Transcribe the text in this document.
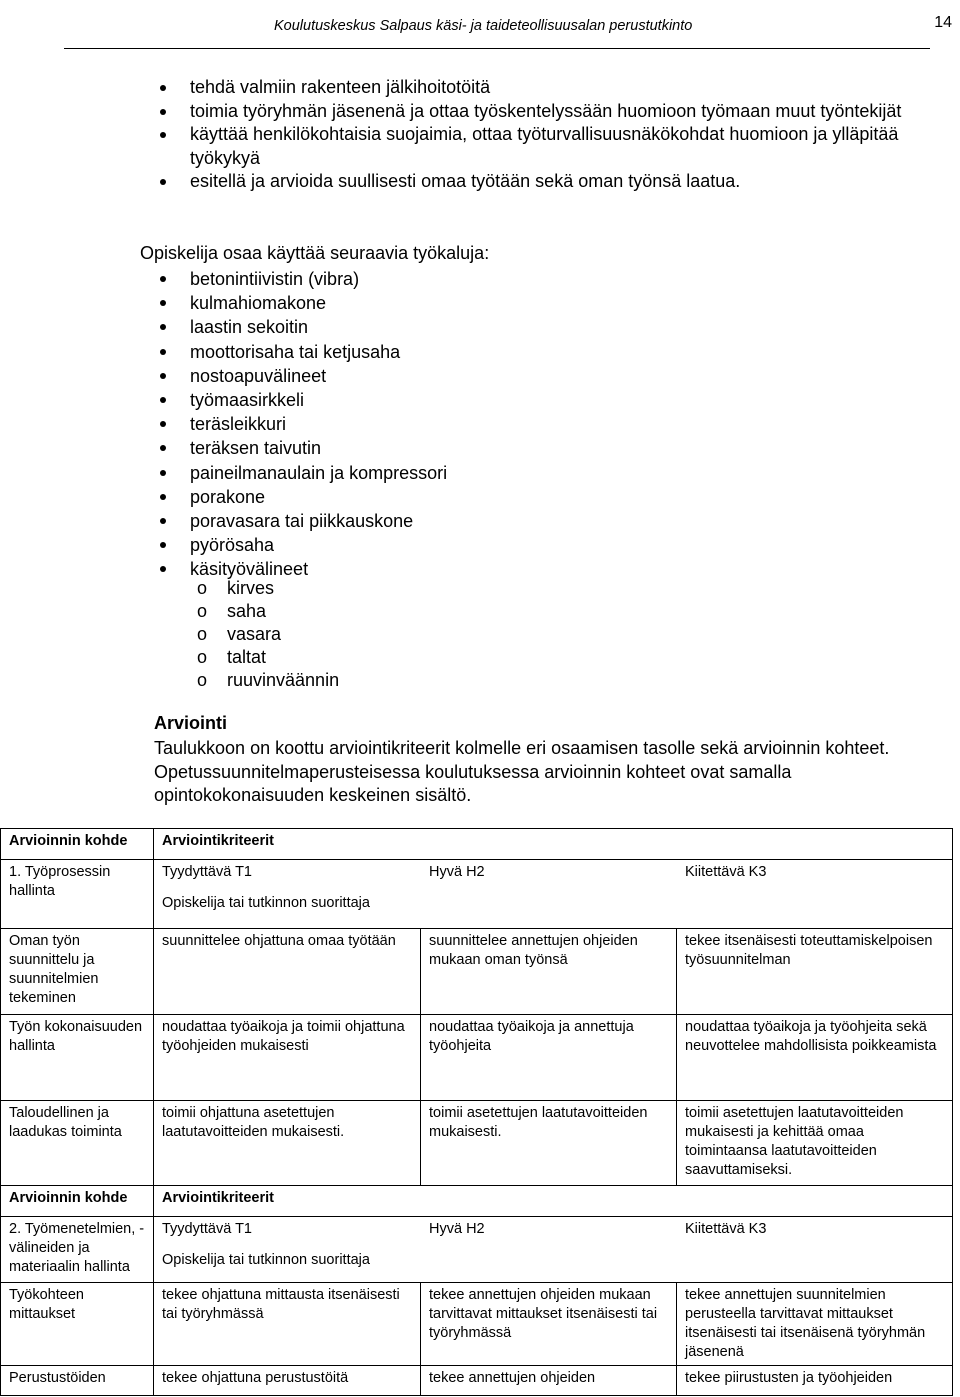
Koulutuskeskus Salpaus käsi- ja taideteollisuusalan perustutkinto	14
tehdä valmiin rakenteen jälkihoitotöitä
toimia työryhmän jäsenenä ja ottaa työskentelyssään huomioon työmaan muut työntekijät
käyttää henkilökohtaisia suojaimia, ottaa työturvallisuusnäkökohdat huomioon ja ylläpitää työkykyä
esitellä ja arvioida suullisesti omaa työtään sekä oman työnsä laatua.
Opiskelija osaa käyttää seuraavia työkaluja:
betonintiivistin (vibra)
kulmahiomakone
laastin sekoitin
moottorisaha tai ketjusaha
nostoapuvälineet
työmaasirkkeli
teräsleikkuri
teräksen taivutin
paineilmanaulain ja kompressori
porakone
poravasara tai piikkauskone
pyörösaha
käsityövälineet
o kirves
o saha
o vasara
o taltat
o ruuvinväännin
Arviointi
Taulukkoon on koottu arviointikriteerit kolmelle eri osaamisen tasolle sekä arvioinnin kohteet. Opetussuunnitelmaperusteisessa koulutuksessa arvioinnin kohteet ovat samalla opintokokonaisuuden keskeinen sisältö.
Arvioinnin kohde	Arviointikriteerit		
1. Työprosessin hallinta	Tyydyttävä T1 Hyvä H2 Kiitettävä K3
Opiskelija tai tutkinnon suorittaja		

Oman työn suunnittelu ja suunnitelmien tekeminen	suunnittelee ohjattuna omaa työtään	suunnittelee annettujen ohjeiden mukaan oman työnsä	tekee itsenäisesti toteuttamiskelpoisen työsuunnitelman
Työn kokonaisuuden hallinta	noudattaa työaikoja ja toimii ohjattuna työohjeiden mukaisesti	noudattaa työaikoja ja annettuja työohjeita	noudattaa työaikoja ja työohjeita sekä neuvottelee mahdollisista poikkeamista
Taloudellinen ja laadukas toiminta	toimii ohjattuna asetettujen laatutavoitteiden mukaisesti.	toimii asetettujen laatutavoitteiden mukaisesti.	toimii asetettujen laatutavoitteiden mukaisesti ja kehittää omaa toimintaansa laatutavoitteiden saavuttamiseksi.
Arvioinnin kohde	Arviointikriteerit		
2. Työmenetelmien, -välineiden ja materiaalin hallinta	Tyydyttävä T1 Hyvä H2 Kiitettävä K3
Opiskelija tai tutkinnon suorittaja		

Työkohteen mittaukset	tekee ohjattuna mittausta itsenäisesti tai työryhmässä	tekee annettujen ohjeiden mukaan tarvittavat mittaukset itsenäisesti tai työryhmässä	tekee annettujen suunnitelmien perusteella tarvittavat mittaukset itsenäisesti tai itsenäisenä työryhmän jäsenenä
Perustustöiden	tekee ohjattuna perustustöitä	tekee annettujen ohjeiden	tekee piirustusten ja työohjeiden
